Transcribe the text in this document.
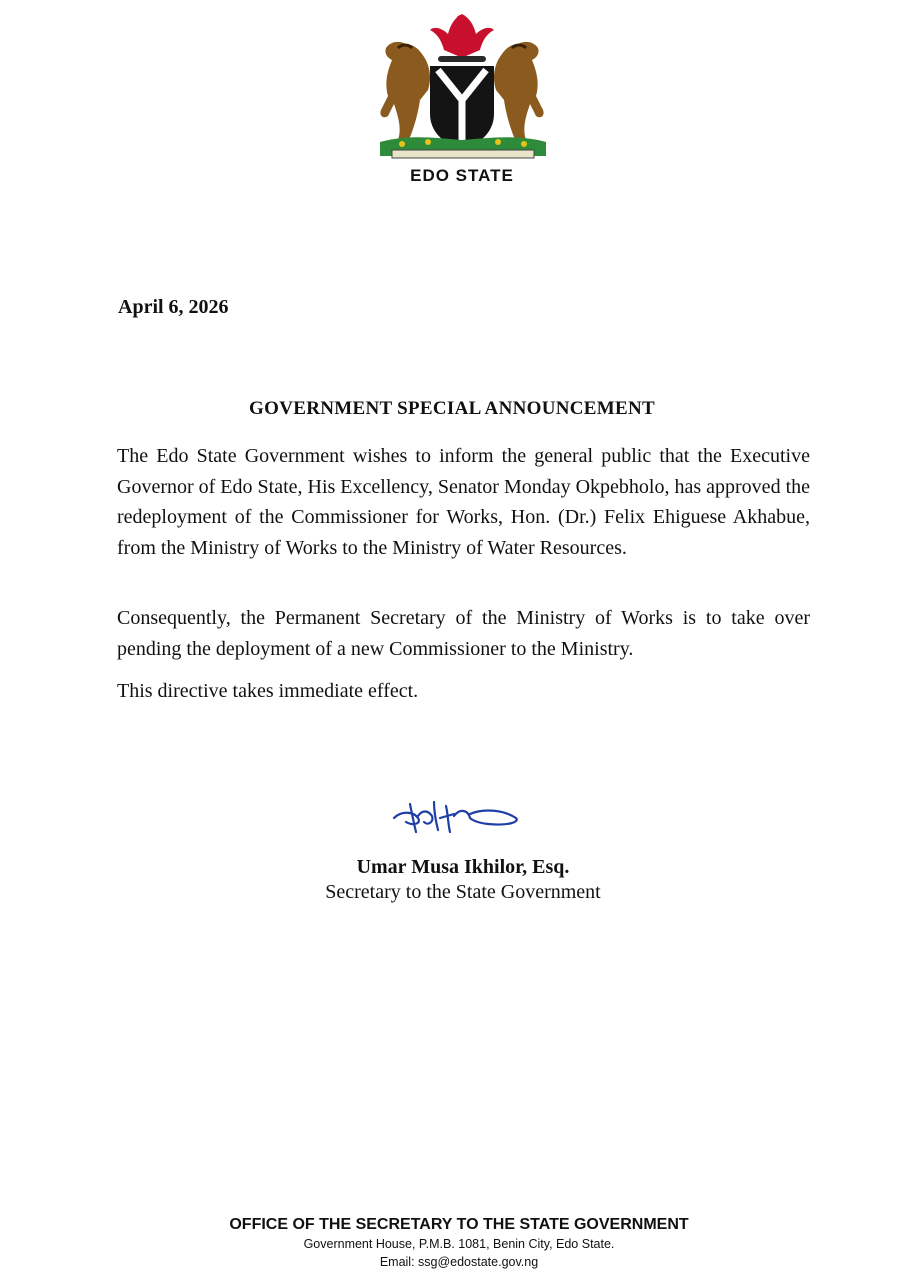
EDO STATE
April 6, 2026
GOVERNMENT SPECIAL ANNOUNCEMENT

The Edo State Government wishes to inform the general public that the Executive Governor of Edo State, His Excellency, Senator Monday Okpebholo, has approved the redeployment of the Commissioner for Works, Hon. (Dr.) Felix Ehiguese Akhabue, from the Ministry of Works to the Ministry of Water Resources.

Consequently, the Permanent Secretary of the Ministry of Works is to take over pending the deployment of a new Commissioner to the Ministry.

This directive takes immediate effect.

Umar Musa Ikhilor, Esq.
Secretary to the State Government
OFFICE OF THE SECRETARY TO THE STATE GOVERNMENT
Government House, P.M.B. 1081, Benin City, Edo State.
Email: ssg@edostate.gov.ng
